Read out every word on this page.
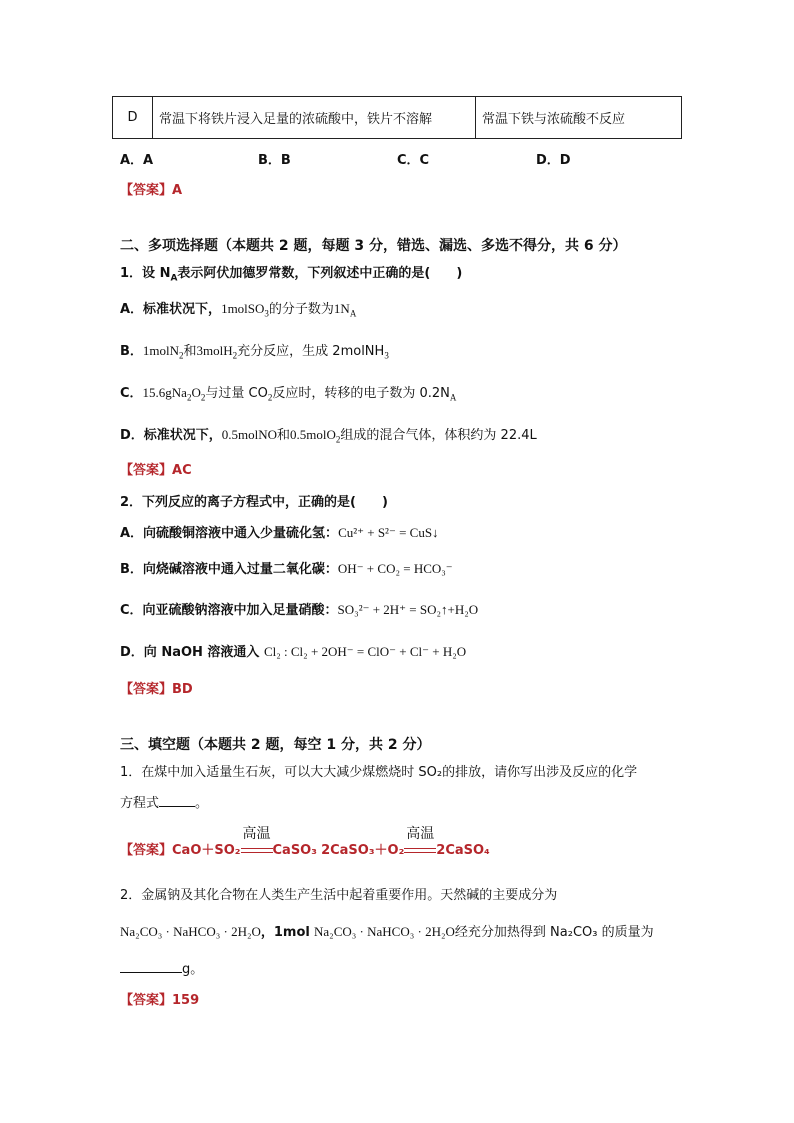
D	常温下将铁片浸入足量的浓硫酸中，铁片不溶解	常温下铁与浓硫酸不反应
A．A	B．B	C．C	D．D
【答案】A
二、多项选择题（本题共 2 题，每题 3 分，错选、漏选、多选不得分，共 6 分）
1．设 $N_A$表示阿伏加德罗常数，下列叙述中正确的是(　　)
A．标准状况下，1molSO$_3$的分子数为$1N_A$
B．1molN$_2$和3molH$_2$充分反应，生成 2molNH$_3$
C．$15.6gNa_2O_2$与过量 $CO_2$反应时，转移的电子数为 $0.2N_A$
D．标准状况下，0.5molNO和0.5molO$_2$组成的混合气体，体积约为 22.4L
【答案】AC
2．下列反应的离子方程式中，正确的是(　　)
A．向硫酸铜溶液中通入少量硫化氢：Cu²⁺ + S²⁻ = CuS↓
B．向烧碱溶液中通入过量二氧化碳：OH⁻ + CO₂ = HCO₃⁻
C．向亚硫酸钠溶液中加入足量硝酸：SO₃²⁻ + 2H⁺ = SO₂↑+H₂O
D．向 NaOH 溶液通入 Cl₂ : Cl₂ + 2OH⁻ = ClO⁻ + Cl⁻ + H₂O
【答案】BD
三、填空题（本题共 2 题，每空 1 分，共 2 分）
1．在煤中加入适量生石灰，可以大大减少煤燃烧时 SO₂的排放，请你写出涉及反应的化学
方程式	。
【答案】CaO＋SO₂
高温
CaSO₃ 2CaSO₃＋O₂
高温
2CaSO₄
2．金属钠及其化合物在人类生产生活中起着重要作用。天然碱的主要成分为
Na₂CO₃ · NaHCO₃ · 2H₂O，1mol Na₂CO₃ · NaHCO₃ · 2H₂O经充分加热得到 Na₂CO₃ 的质量为
g。
【答案】159
